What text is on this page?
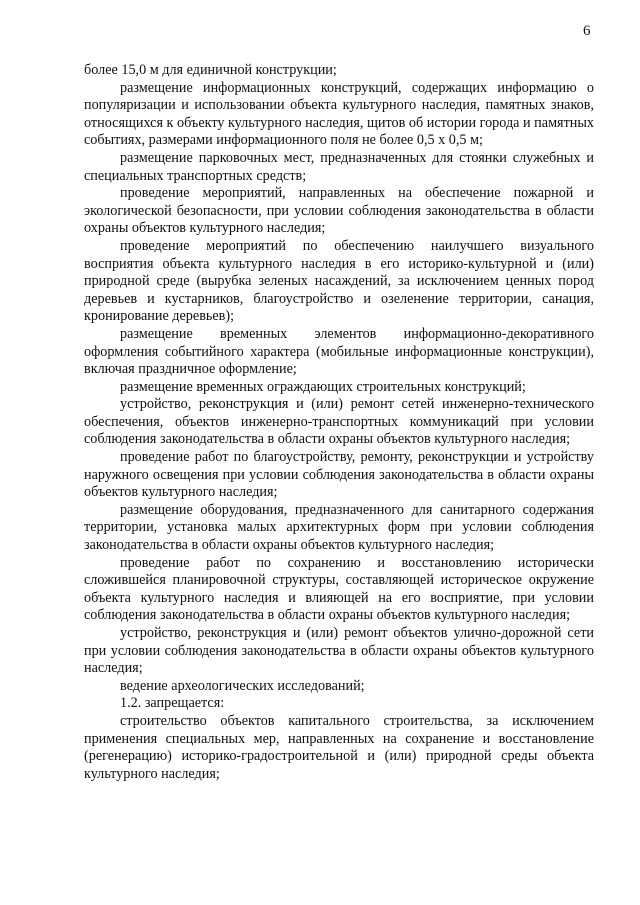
6

более 15,0 м для единичной конструкции;

размещение информационных конструкций, содержащих информацию о популяризации и использовании объекта культурного наследия, памятных знаков, относящихся к объекту культурного наследия, щитов об истории города и памятных событиях, размерами информационного поля не более 0,5 х 0,5 м;

размещение парковочных мест, предназначенных для стоянки служебных и специальных транспортных средств;

проведение мероприятий, направленных на обеспечение пожарной и экологической безопасности, при условии соблюдения законодательства в области охраны объектов культурного наследия;

проведение мероприятий по обеспечению наилучшего визуального восприятия объекта культурного наследия в его историко-культурной и (или) природной среде (вырубка зеленых насаждений, за исключением ценных пород деревьев и кустарников, благоустройство и озеленение территории, санация, кронирование деревьев);

размещение временных элементов информационно-декоративного оформления событийного характера (мобильные информационные конструкции), включая праздничное оформление;

размещение временных ограждающих строительных конструкций;

устройство, реконструкция и (или) ремонт сетей инженерно-технического обеспечения, объектов инженерно-транспортных коммуникаций при условии соблюдения законодательства в области охраны объектов культурного наследия;

проведение работ по благоустройству, ремонту, реконструкции и устройству наружного освещения при условии соблюдения законодательства в области охраны объектов культурного наследия;

размещение оборудования, предназначенного для санитарного содержания территории, установка малых архитектурных форм при условии соблюдения законодательства в области охраны объектов культурного наследия;

проведение работ по сохранению и восстановлению исторически сложившейся планировочной структуры, составляющей историческое окружение объекта культурного наследия и влияющей на его восприятие, при условии соблюдения законодательства в области охраны объектов культурного наследия;

устройство, реконструкция и (или) ремонт объектов улично-дорожной сети при условии соблюдения законодательства в области охраны объектов культурного наследия;

ведение археологических исследований;

1.2. запрещается:

строительство объектов капитального строительства, за исключением применения специальных мер, направленных на сохранение и восстановление (регенерацию) историко-градостроительной и (или) природной среды объекта культурного наследия;
